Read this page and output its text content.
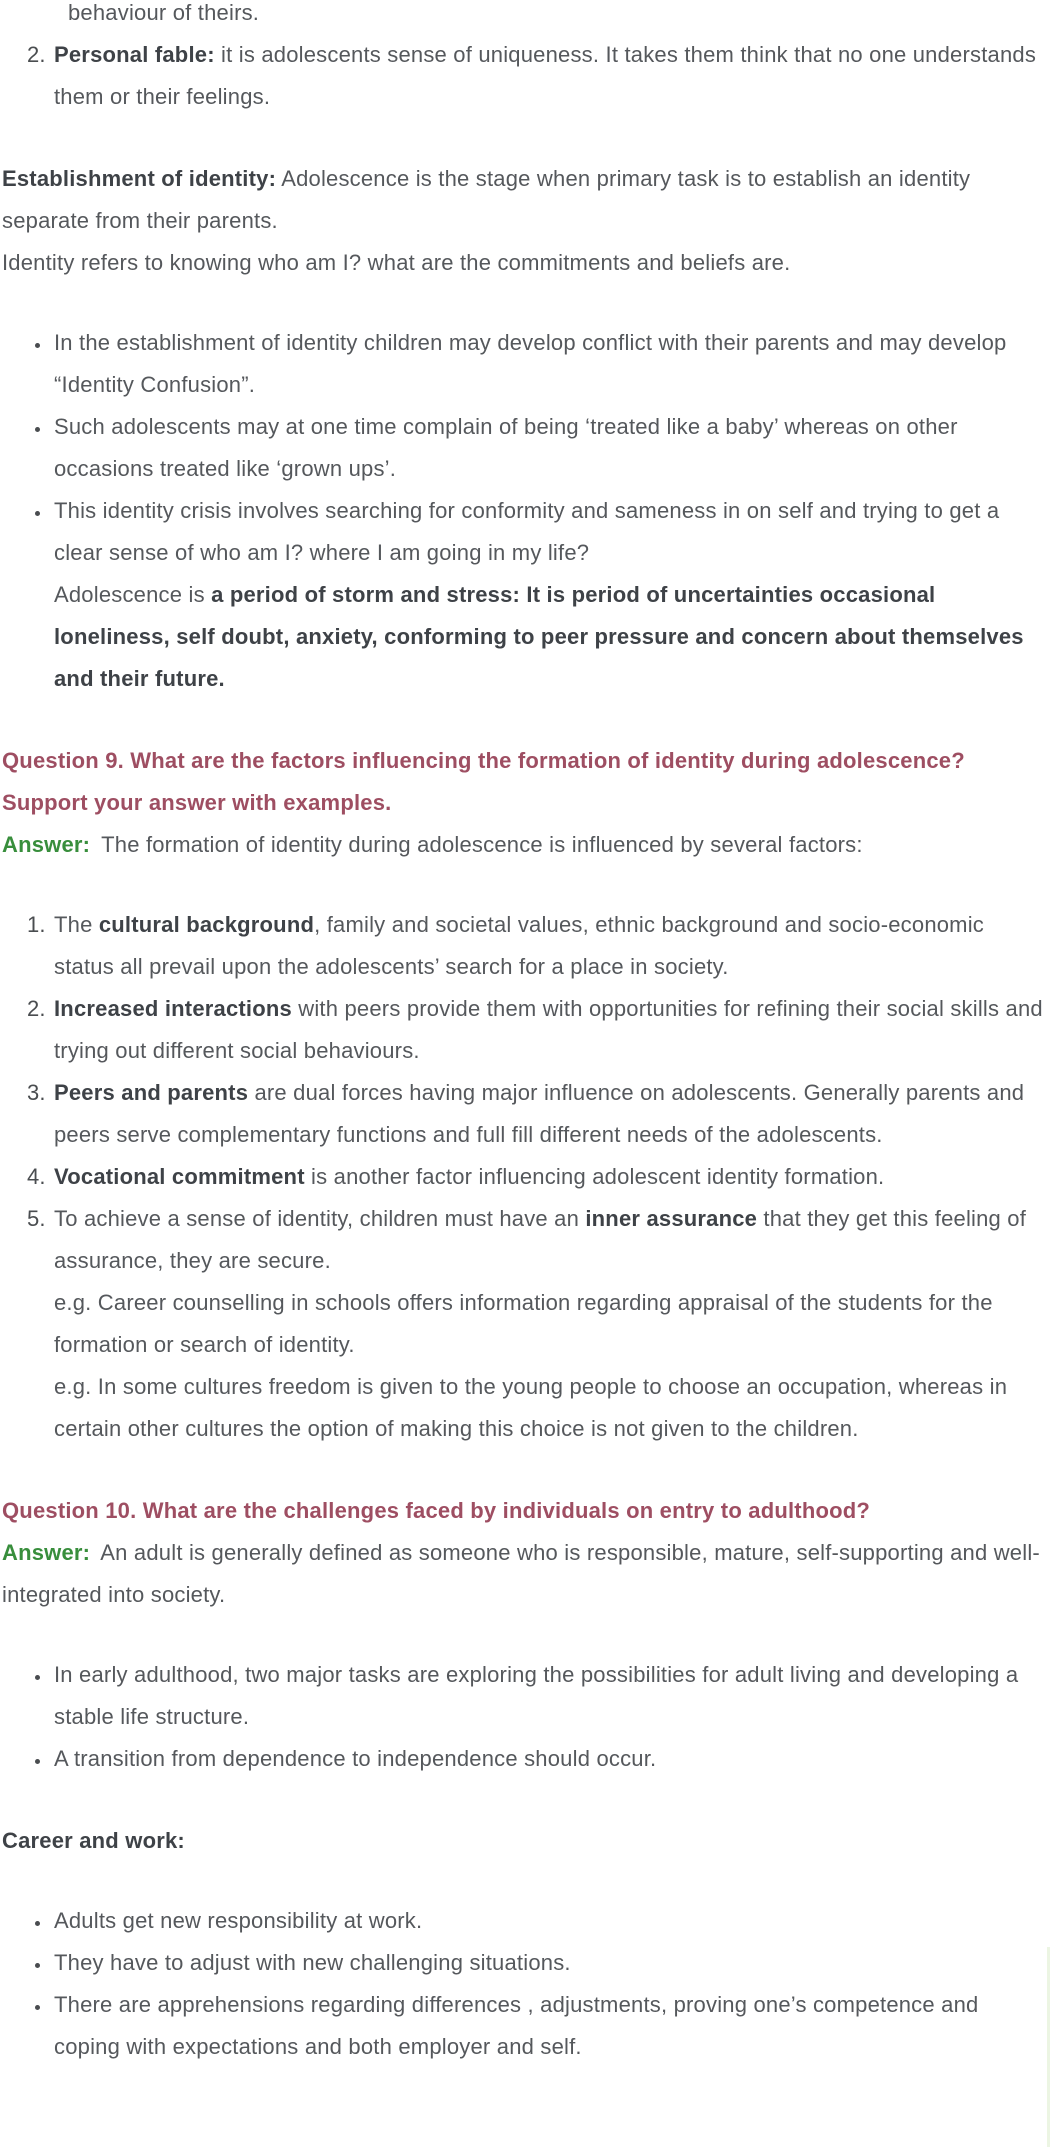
behaviour of theirs.
2. Personal fable: it is adolescents sense of uniqueness. It takes them think that no one understands them or their feelings.
Establishment of identity: Adolescence is the stage when primary task is to establish an identity separate from their parents.
Identity refers to knowing who am I? what are the commitments and beliefs are.
• In the establishment of identity children may develop conflict with their parents and may develop “Identity Confusion”.
• Such adolescents may at one time complain of being ‘treated like a baby’ whereas on other occasions treated like ‘grown ups’.
• This identity crisis involves searching for conformity and sameness in on self and trying to get a clear sense of who am I? where I am going in my life?
Adolescence is a period of storm and stress: It is period of uncertainties occasional loneliness, self doubt, anxiety, conforming to peer pressure and concern about themselves and their future.
Question 9. What are the factors influencing the formation of identity during adolescence? Support your answer with examples.
Answer: The formation of identity during adolescence is influenced by several factors:
1. The cultural background, family and societal values, ethnic background and socio-economic status all prevail upon the adolescents’ search for a place in society.
2. Increased interactions with peers provide them with opportunities for refining their social skills and trying out different social behaviours.
3. Peers and parents are dual forces having major influence on adolescents. Generally parents and peers serve complementary functions and full fill different needs of the adolescents.
4. Vocational commitment is another factor influencing adolescent identity formation.
5. To achieve a sense of identity, children must have an inner assurance that they get this feeling of assurance, they are secure.
e.g. Career counselling in schools offers information regarding appraisal of the students for the formation or search of identity.
e.g. In some cultures freedom is given to the young people to choose an occupation, whereas in certain other cultures the option of making this choice is not given to the children.
Question 10. What are the challenges faced by individuals on entry to adulthood?
Answer: An adult is generally defined as someone who is responsible, mature, self-supporting and well-integrated into society.
• In early adulthood, two major tasks are exploring the possibilities for adult living and developing a stable life structure.
• A transition from dependence to independence should occur.
Career and work:
• Adults get new responsibility at work.
• They have to adjust with new challenging situations.
• There are apprehensions regarding differences , adjustments, proving one’s competence and coping with expectations and both employer and self.
